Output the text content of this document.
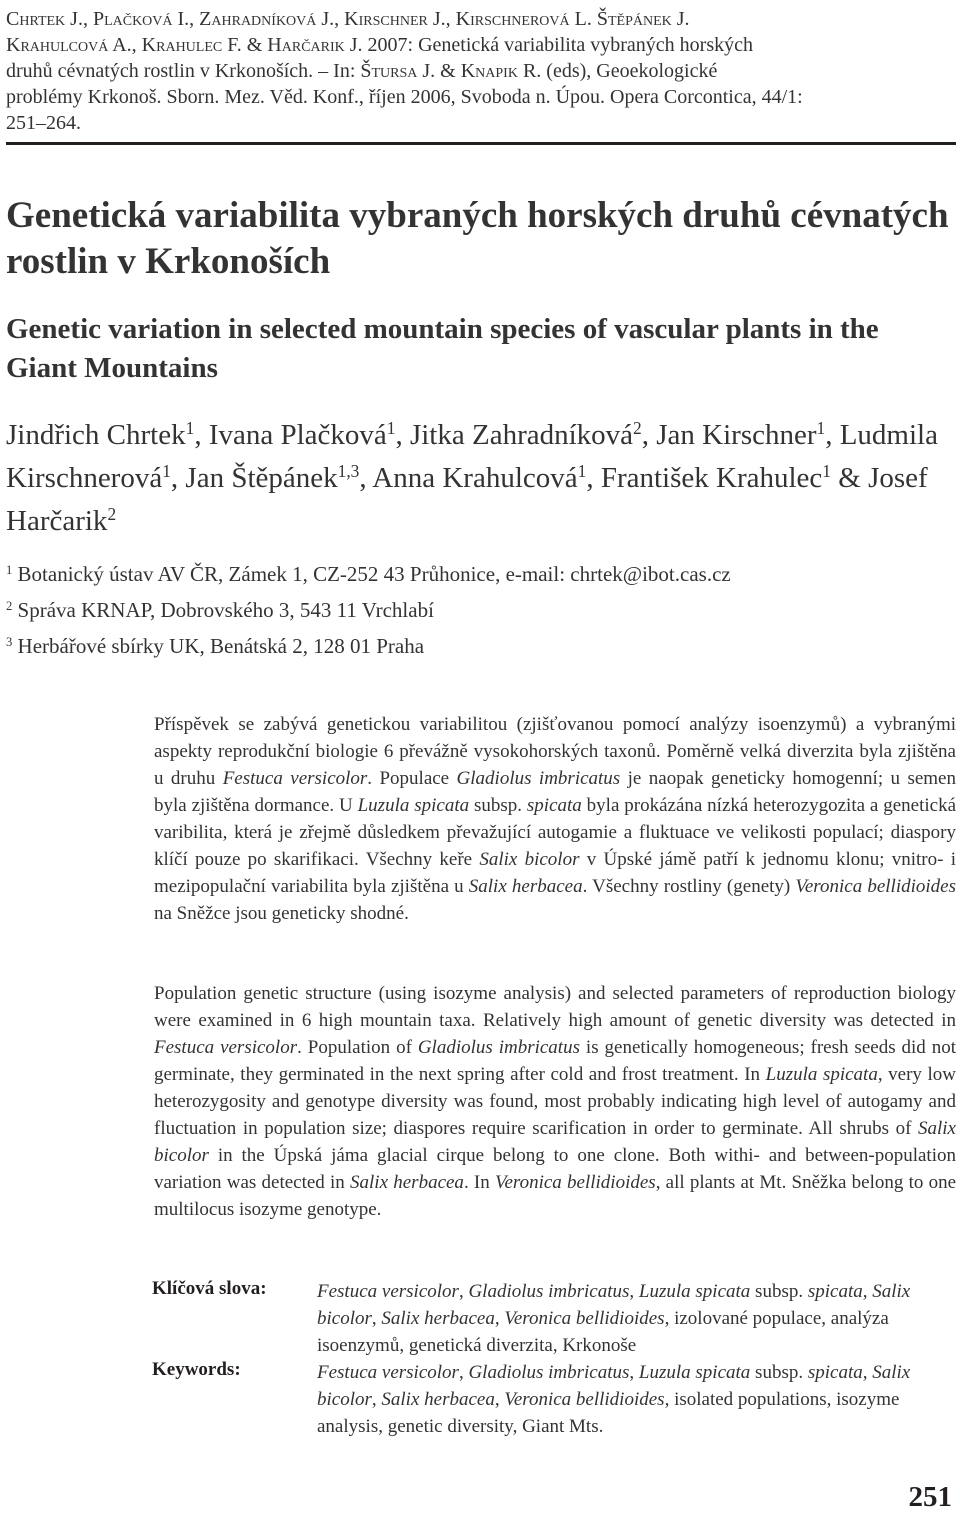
Chrtek J., Plačková I., Zahradníková J., Kirschner J., Kirschnerová L. Štěpánek J.
Krahulcová A., Krahulec F. & Harčarik J. 2007: Genetická variabilita vybraných horských
druhů cévnatých rostlin v Krkonoších. – In: Štursa J. & Knapik R. (eds), Geoekologické
problémy Krkonoš. Sborn. Mez. Věd. Konf., říjen 2006, Svoboda n. Úpou. Opera Corcontica, 44/1:
251–264.
Genetická variabilita vybraných horských druhů cévnatých rostlin v Krkonoších
Genetic variation in selected mountain species of vascular plants in the Giant Mountains
Jindřich Chrtek$^1$, Ivana Plačková$^1$, Jitka Zahradníková$^2$, Jan Kirschner$^1$, Ludmila Kirschnerová$^1$, Jan Štěpánek$^{1,3}$, Anna Krahulcová$^1$, František Krahulec$^1$ & Josef Harčarik$^2$
$^1$ Botanický ústav AV ČR, Zámek 1, CZ-252 43 Průhonice, e-mail: chrtek@ibot.cas.cz
$^2$ Správa KRNAP, Dobrovského 3, 543 11 Vrchlabí
$^3$ Herbářové sbírky UK, Benátská 2, 128 01 Praha

Příspěvek se zabývá genetickou variabilitou (zjišťovanou pomocí analýzy isoenzymů) a vybranými aspekty reprodukční biologie 6 převážně vysokohorských taxonů. Poměrně velká diverzita byla zjištěna u druhu Festuca versicolor. Populace Gladiolus imbricatus je naopak geneticky homogenní; u semen byla zjištěna dormance. U Luzula spicata subsp. spicata byla prokázána nízká heterozygozita a genetická varibilita, která je zřejmě důsledkem převažující autogamie a fluktuace ve velikosti populací; diaspory klíčí pouze po skarifikaci. Všechny keře Salix bicolor v Úpské jámě patří k jednomu klonu; vnitro- i mezipopulační variabilita byla zjištěna u Salix herbacea. Všechny rostliny (genety) Veronica bellidioides na Sněžce jsou geneticky shodné.

Population genetic structure (using isozyme analysis) and selected parameters of reproduction biology were examined in 6 high mountain taxa. Relatively high amount of genetic diversity was detected in Festuca versicolor. Population of Gladiolus imbricatus is genetically homogeneous; fresh seeds did not germinate, they germinated in the next spring after cold and frost treatment. In Luzula spicata, very low heterozygosity and genotype diversity was found, most probably indicating high level of autogamy and fluctuation in population size; diaspores require scarification in order to germinate. All shrubs of Salix bicolor in the Úpská jáma glacial cirque belong to one clone. Both withi- and between-population variation was detected in Salix herbacea. In Veronica bellidioides, all plants at Mt. Sněžka belong to one multilocus isozyme genotype.

Klíčová slova:	Festuca versicolor, Gladiolus imbricatus, Luzula spicata subsp. spicata, Salix bicolor, Salix herbacea, Veronica bellidioides, izolované populace, analýza isoenzymů, genetická diverzita, Krkonoše

Keywords:	Festuca versicolor, Gladiolus imbricatus, Luzula spicata subsp. spicata, Salix bicolor, Salix herbacea, Veronica bellidioides, isolated populations, isozyme analysis, genetic diversity, Giant Mts.

251
